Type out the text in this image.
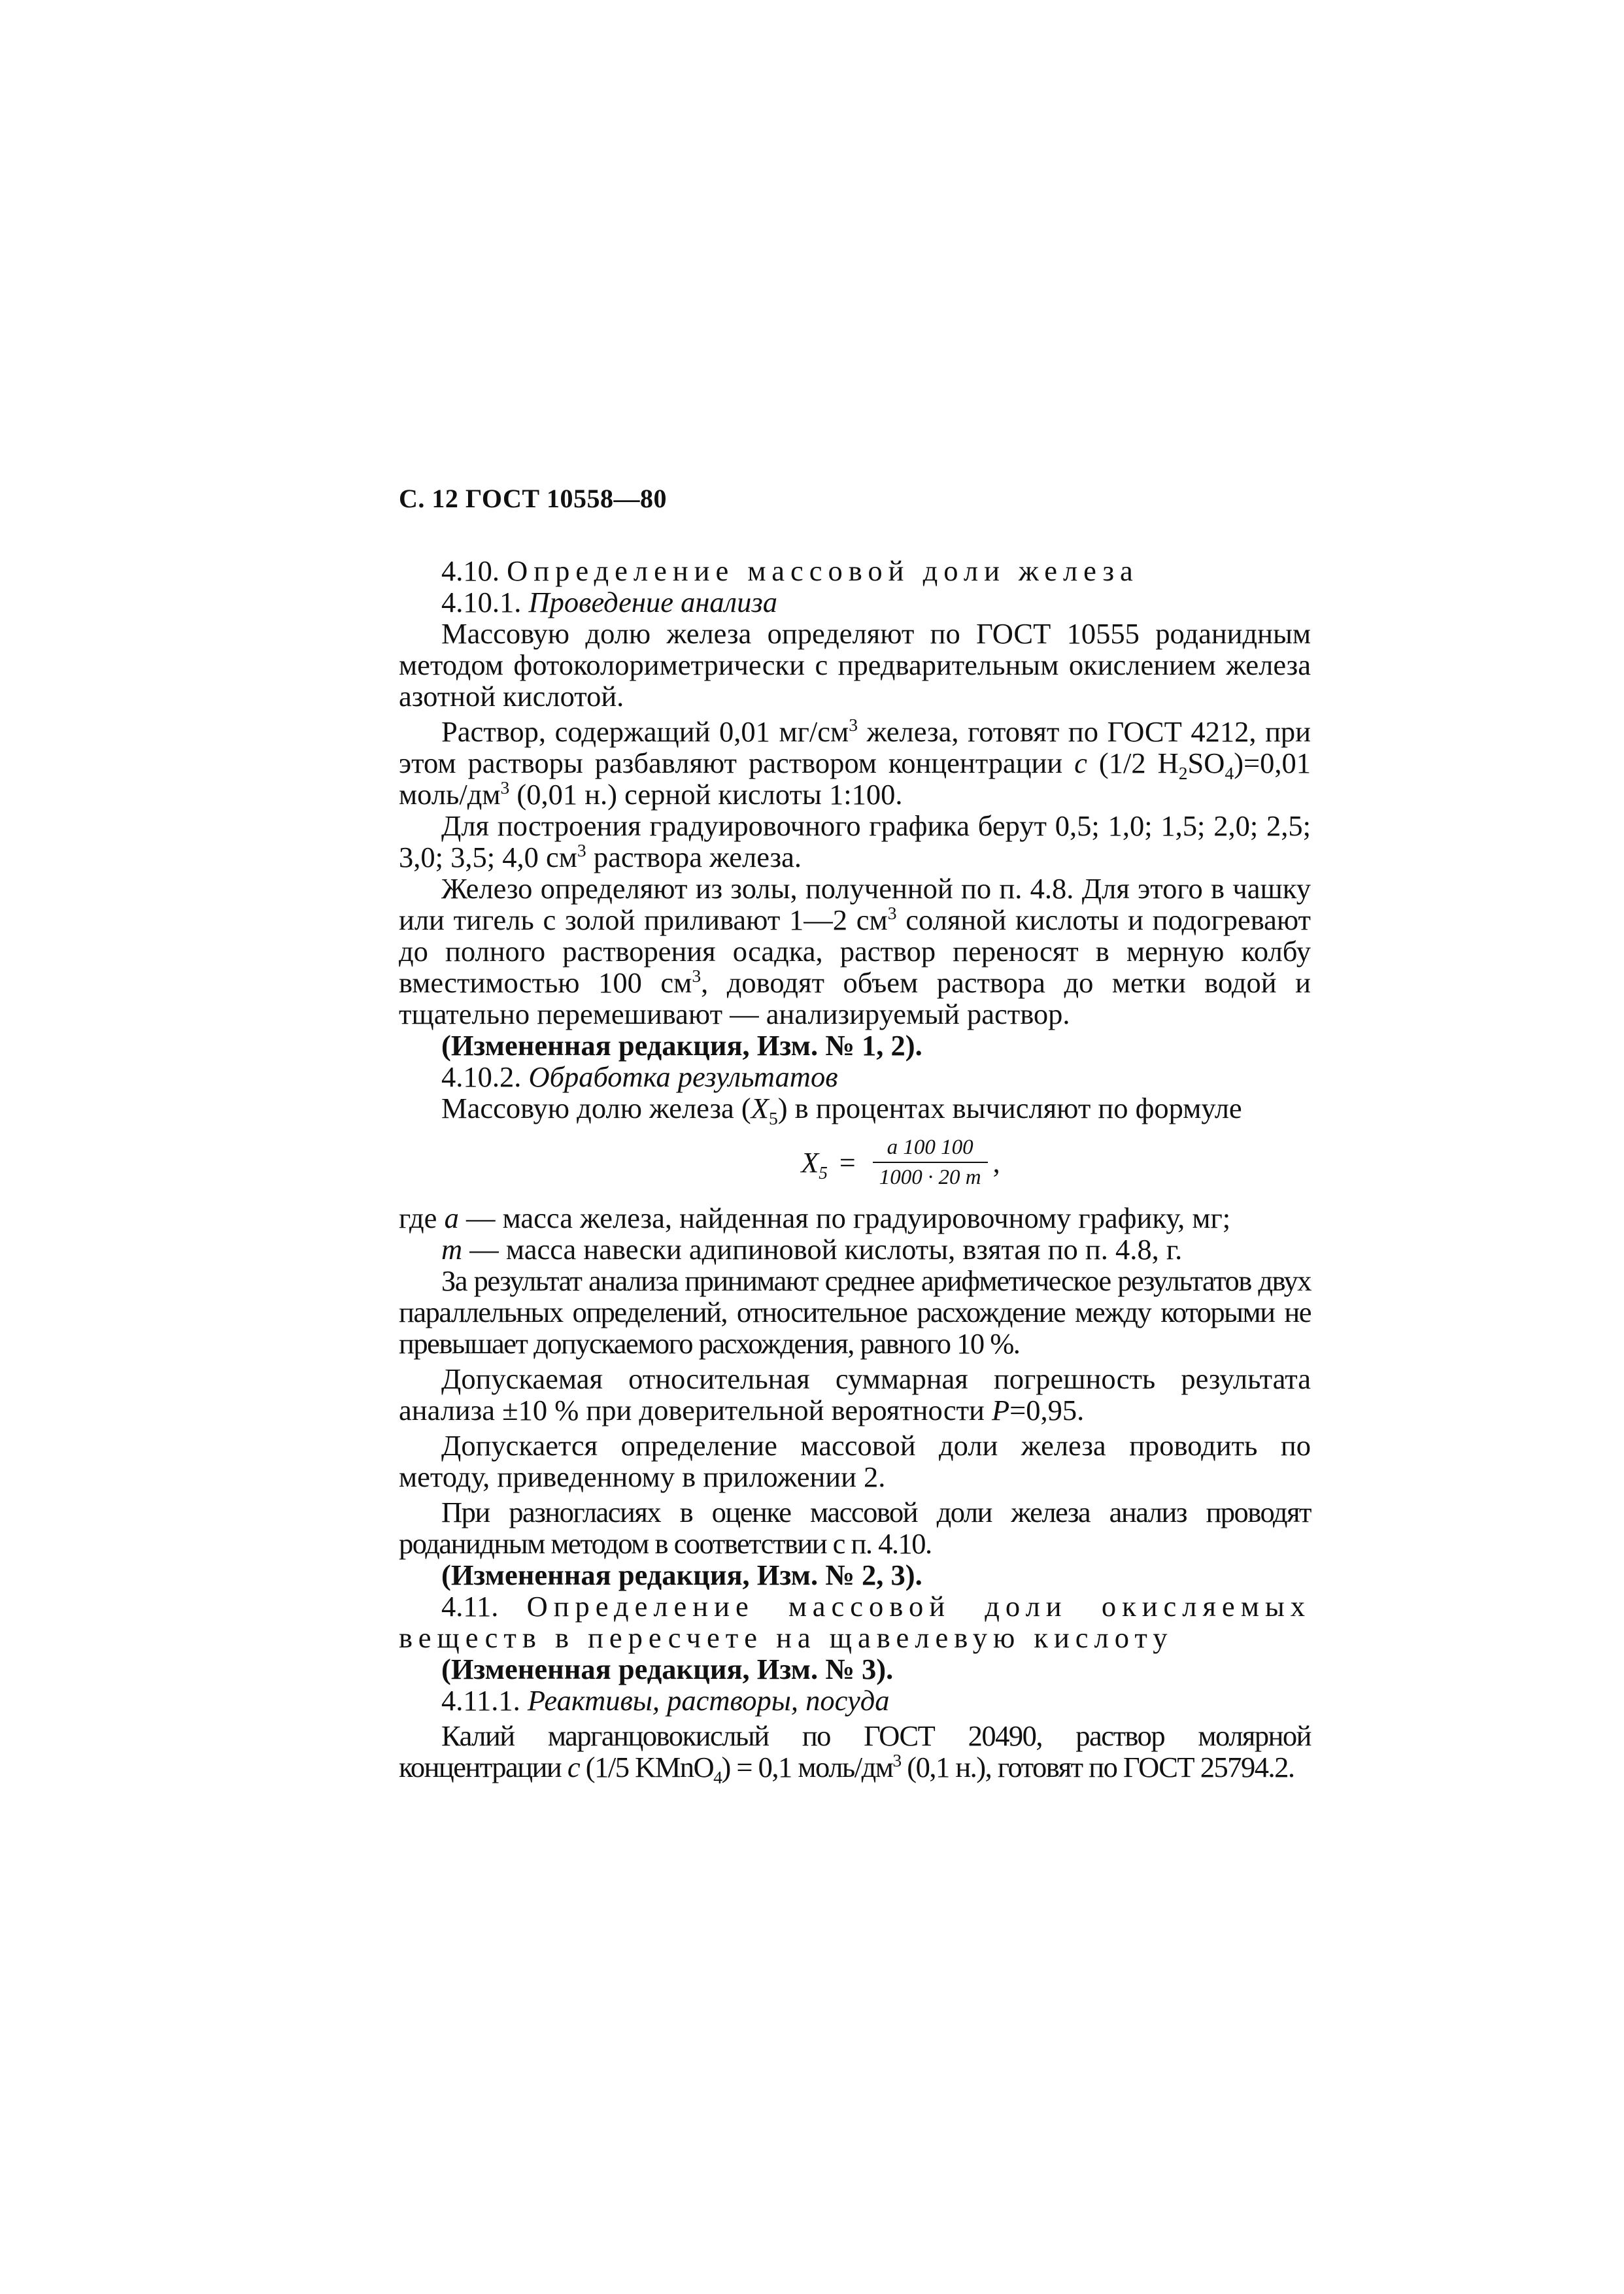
С. 12 ГОСТ 10558—80

4.10. Определение массовой доли железа

4.10.1. Проведение анализа

Массовую долю железа определяют по ГОСТ 10555 роданидным методом фотоколориметрически с предварительным окислением железа азотной кислотой.

Раствор, содержащий 0,01 $мг/см^3$ железа, готовят по ГОСТ 4212, при этом растворы разбавляют раствором концентрации с (1/2 $H_2SO_4)=0,01$ моль/$дм^3$ (0,01 н.) серной кислоты 1:100.

Для построения градуировочного графика берут 0,5; 1,0; 1,5; 2,0; 2,5; 3,0; 3,5; 4,0 $см^3$ раствора железа.

Железо определяют из золы, полученной по п. 4.8. Для этого в чашку или тигель с золой приливают 1—2 $см^3$ соляной кислоты и подогревают до полного растворения осадка, раствор переносят в мерную колбу вместимостью 100 $см^3$, доводят объем раствора до метки водой и тщательно перемешивают — анализируемый раствор.

(Измененная редакция, Изм. № 1, 2).

4.10.2. Обработка результатов

Массовую долю железа $(X_5)$ в процентах вычисляют по формуле

$X_5 = \frac{a 100 100}{1000 \cdot 20 m}$ ,

где a — масса железа, найденная по градуировочному графику, мг;

m — масса навески адипиновой кислоты, взятая по п. 4.8, г.

За результат анализа принимают среднее арифметическое результатов двух параллельных определений, относительное расхождение между которыми не превышает допускаемого расхождения, равного 10 %.

Допускаемая относительная суммарная погрешность результата анализа ±10 % при доверительной вероятности Р=0,95.

Допускается определение массовой доли железа проводить по методу, приведенному в приложении 2.

При разногласиях в оценке массовой доли железа анализ проводят роданидным методом в соответствии с п. 4.10.

(Измененная редакция, Изм. № 2, 3).

4.11. Определение массовой доли окисляемых веществ в пересчете на щавелевую кислоту

(Измененная редакция, Изм. № 3).

4.11.1. Реактивы, растворы, посуда

Калий марганцовокислый по ГОСТ 20490, раствор молярной концентрации с (1/5 KMnO$_4$) = 0,1 моль/$дм^3$ (0,1 н.), готовят по ГОСТ 25794.2.
